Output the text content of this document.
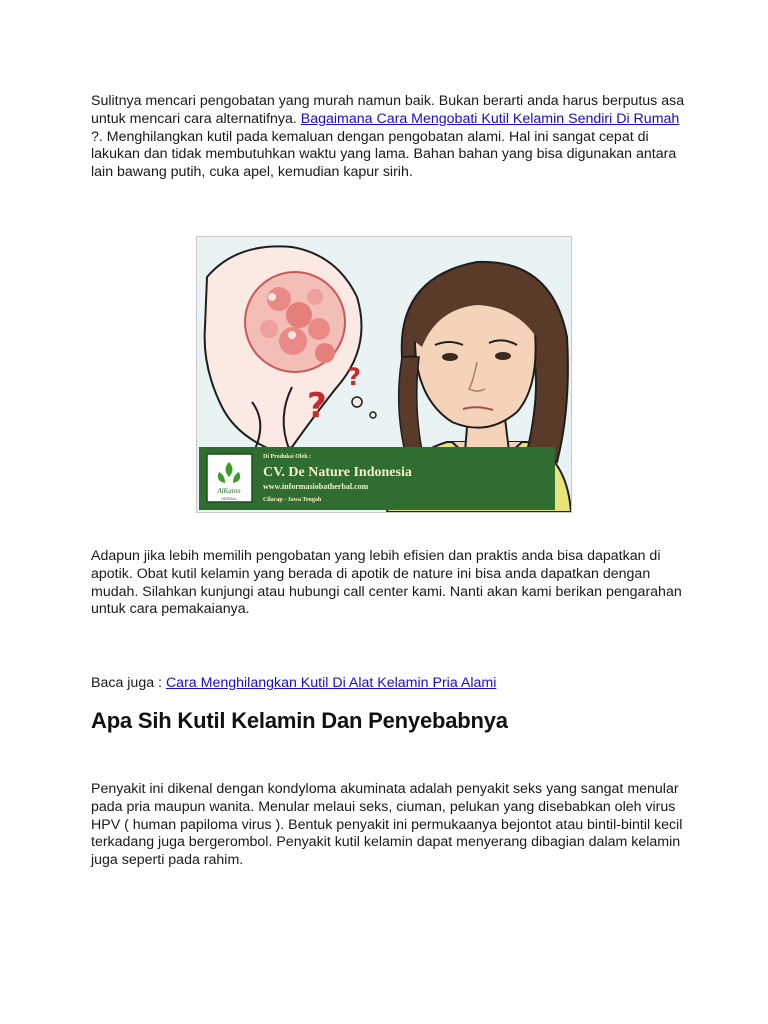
Sulitnya mencari pengobatan yang murah namun baik. Bukan berarti anda harus berputus asa untuk mencari cara alternatifnya. Bagaimana Cara Mengobati Kutil Kelamin Sendiri Di Rumah ?. Menghilangkan kutil pada kemaluan dengan pengobatan alami. Hal ini sangat cepat di lakukan dan tidak membutuhkan waktu yang lama. Bahan bahan yang bisa digunakan antara lain bawang putih, cuka apel, kemudian kapur sirih.

?
?
AlKaton
HERBAL
Di Produksi Oleh :
CV. De Nature Indonesia
www.informasiobatherbal.com
Cilacap - Jawa Tengah

Adapun jika lebih memilih pengobatan yang lebih efisien dan praktis anda bisa dapatkan di apotik. Obat kutil kelamin yang berada di apotik de nature ini bisa anda dapatkan dengan mudah. Silahkan kunjungi atau hubungi call center kami. Nanti akan kami berikan pengarahan untuk cara pemakaianya.

Baca juga : Cara Menghilangkan Kutil Di Alat Kelamin Pria Alami

Apa Sih Kutil Kelamin Dan Penyebabnya

Penyakit ini dikenal dengan kondyloma akuminata adalah penyakit seks yang sangat menular pada pria maupun wanita. Menular melaui seks, ciuman, pelukan yang disebabkan oleh virus HPV ( human papiloma virus ). Bentuk penyakit ini permukaanya bejontot atau bintil-bintil kecil terkadang juga bergerombol. Penyakit kutil kelamin dapat menyerang dibagian dalam kelamin juga seperti pada rahim.
